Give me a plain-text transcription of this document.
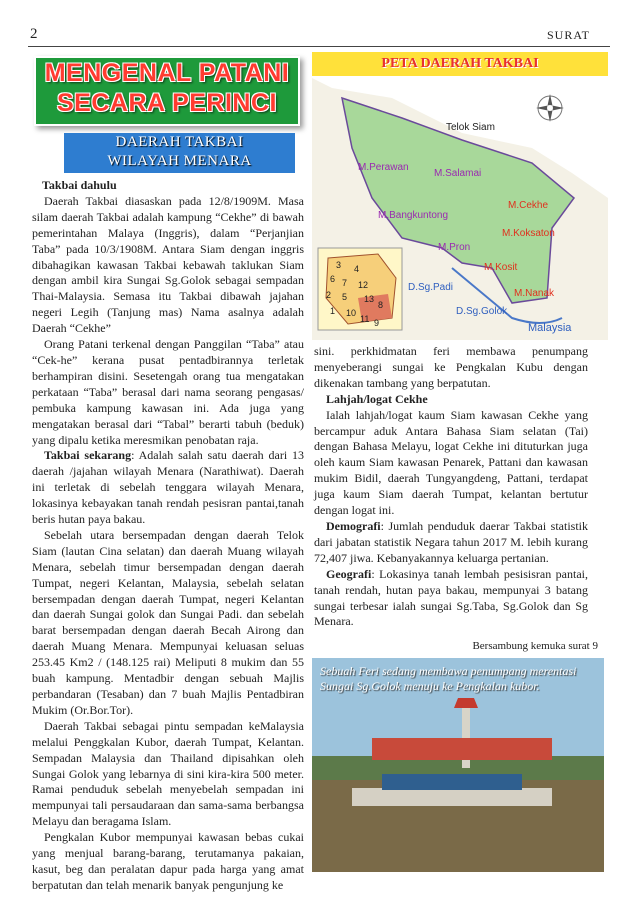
2	SURAT
MENGENAL PATANI
SECARA PERINCI
DAERAH TAKBAI
WILAYAH MENARA

Takbai dahulu

Daerah Takbai diasaskan pada 12/8/1909M. Masa silam daerah Takbai adalah kampung “Cekhe” di bawah pemerintahan Malaya (Inggris), dalam “Perjanjian Taba” pada 10/3/1908M. Antara Siam dengan inggris dibahagikan kawasan Takbai kebawah taklukan Siam dengan ambil kira Sungai Sg.Golok sebagai sempadan Thai-Malaysia. Semasa itu Takbai dibawah jajahan negeri Legih (Tanjung mas) Nama asalnya adalah Daerah “Cekhe”

Orang Patani terkenal dengan Panggilan “Taba” atau “Cek-he” kerana pusat pentadbirannya terletak berhampiran disini. Sesetengah orang tua mengatakan perkataan “Taba” berasal dari nama seorang pengasas/ pembuka kampung kawasan ini. Ada juga yang mengatakan berasal dari “Tabal” berarti tabuh (beduk) yang dipalu ketika meresmikan penobatan raja.

Takbai sekarang: Adalah salah satu daerah dari 13 daerah /jajahan wilayah Menara (Narathiwat). Daerah ini terletak di sebelah tenggara wilayah Menara, lokasinya kebayakan tanah rendah pesisran pantai,tanah beris hutan paya bakau.

Sebelah utara bersempadan dengan daerah Telok Siam (lautan Cina selatan) dan daerah Muang wilayah Menara, sebelah timur bersempadan dengan daerah Tumpat, negeri Kelantan, Malaysia, sebelah selatan bersempadan dengan daerah Tumpat, negeri Kelantan dan daerah Sungai golok dan Sungai Padi. dan sebelah barat bersempadan dengan daerah Becah Airong dan daerah Muang Menara. Mempunyai keluasan seluas 253.45 Km2 / (148.125 rai) Meliputi 8 mukim dan 55 buah kampung. Mentadbir dengan sebuah Majlis perbandaran (Tesaban) dan 7 buah Majlis Pentadbiran Mukim (Or.Bor.Tor).

Daerah Takbai sebagai pintu sempadan keMalaysia melalui Penggkalan Kubor, daerah Tumpat, Kelantan. Sempadan Malaysia dan Thailand dipisahkan oleh Sungai Golok yang lebarnya di sini kira-kira 500 meter. Ramai penduduk sebelah menyebelah sempadan ini mempunyai tali persaudaraan dan sama-sama berbangsa Melayu dan beragama Islam.

Pengkalan Kubor mempunyai kawasan bebas cukai yang menjual barang-barang, terutamanya pakaian, kasut, beg dan peralatan dapur pada harga yang amat berpatutan dan telah menarik banyak pengunjung ke

PETA DAERAH TAKBAI
Telok Siam
M.Perawan
M.Salamai
M.Cekhe
M.Bangkuntong
M.Koksaton
M.Pron
M.Kosit
D.Sg.Padi
M.Nanak
D.Sg.Golok
Malaysia
3 4
6 7 12
2 5 13
8
1 10
11 9

sini. perkhidmatan feri membawa penumpang menyeberangi sungai ke Pengkalan Kubu dengan dikenakan tambang yang berpatutan.

Lahjah/logat Cekhe

Ialah lahjah/logat kaum Siam kawasan Cekhe yang bercampur aduk Antara Bahasa Siam selatan (Tai) dengan Bahasa Melayu, logat Cekhe ini dituturkan juga oleh kaum Siam kawasan Penarek, Pattani dan kawasan mukim Bidil, daerah Tungyangdeng, Pattani, terdapat juga kaum Siam daerah Tumpat, kelantan bertutur dengan logat ini.

Demografi: Jumlah penduduk daerar Takbai statistik dari jabatan statistik Negara tahun 2017 M. lebih kurang 72,407 jiwa. Kebanyakannya keluarga pertanian.

Geografi: Lokasinya tanah lembah pesisisran pantai, tanah rendah, hutan paya bakau, mempunyai 3 batang sungai terbesar ialah sungai Sg.Taba, Sg.Golok dan Sg Menara.

Bersambung kemuka surat 9
Sebuah Feri sedang membawa penumpang merentasi Sungai Sg.Golok menuju ke Pengkalan kubor.
